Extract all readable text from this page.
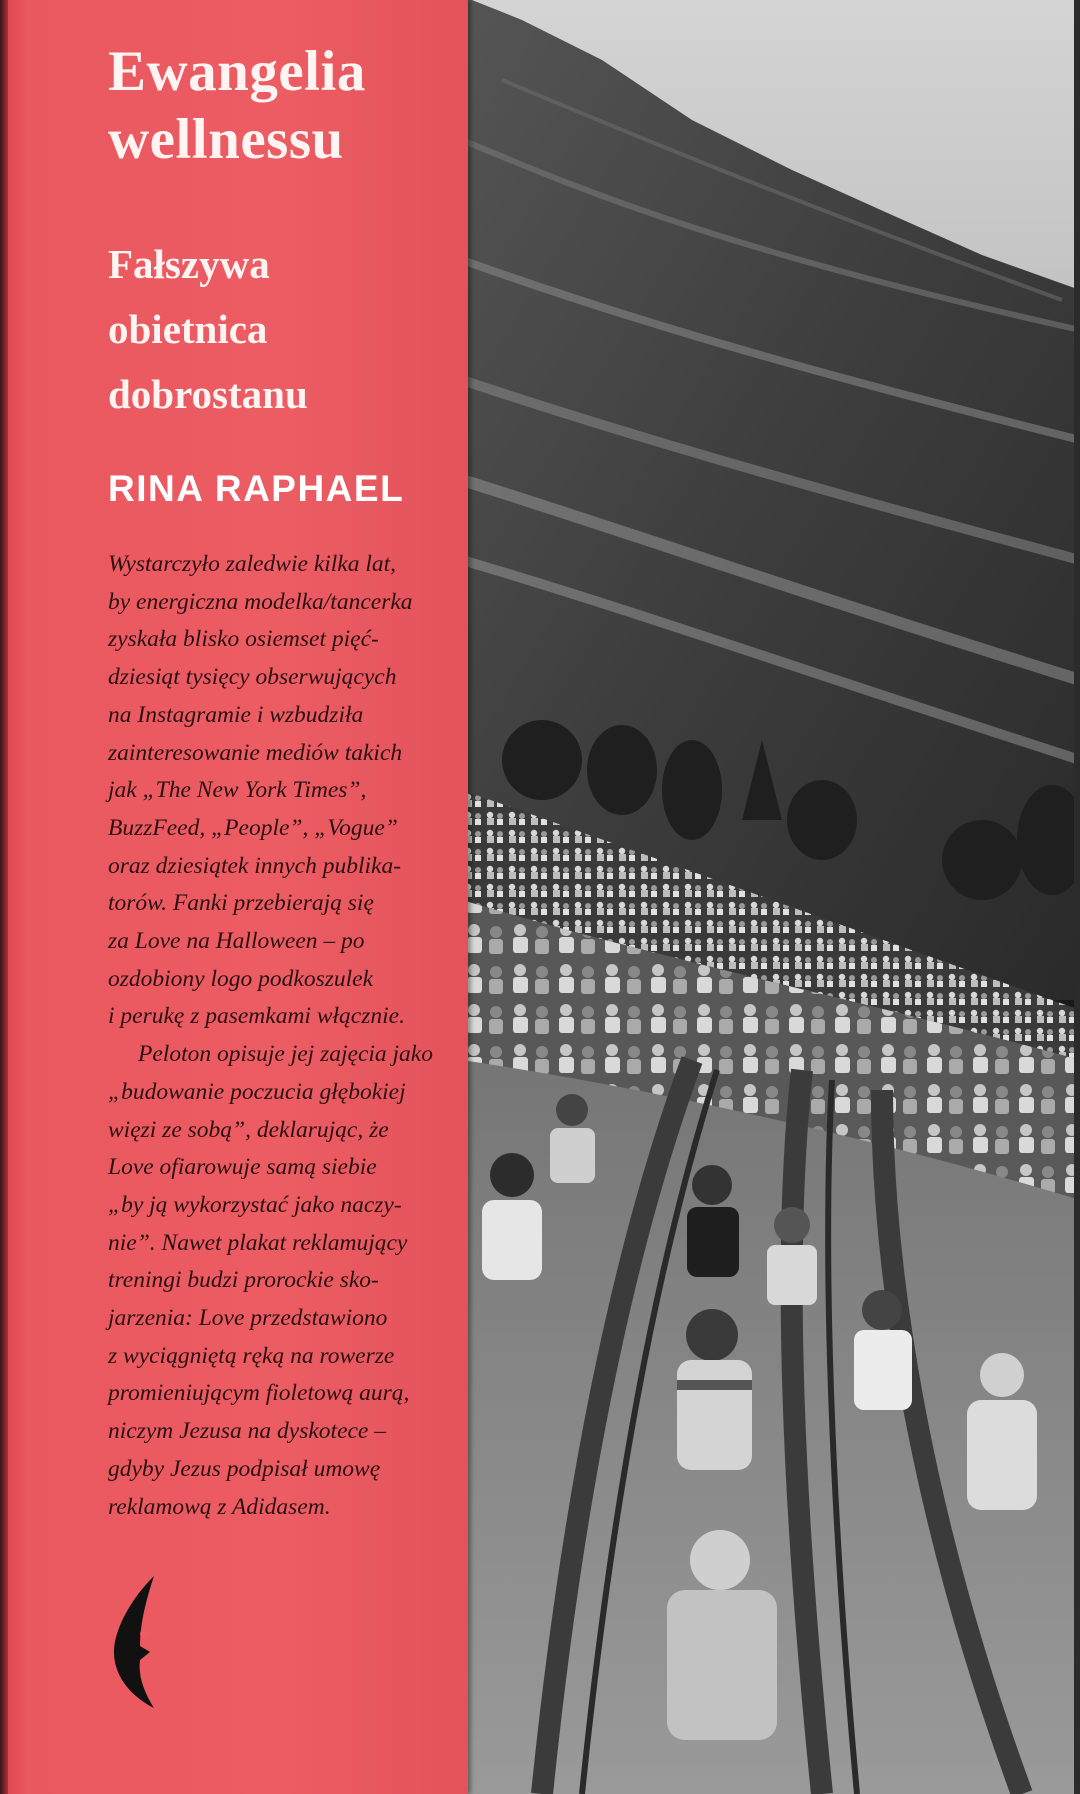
Ewangelia
wellnessu
Fałszywa
obietnica
dobrostanu
RINA RAPHAEL
Wystarczyło zaledwie kilka lat,
by energiczna modelka/tancerka
zyskała blisko osiemset pięć-
dziesiąt tysięcy obserwujących
na Instagramie i wzbudziła
zainteresowanie mediów takich
jak „The New York Times”,
BuzzFeed, „People”, „Vogue”
oraz dziesiątek innych publika-
torów. Fanki przebierają się
za Love na Halloween – po
ozdobiony logo podkoszulek
i perukę z pasemkami włącznie.
Peloton opisuje jej zajęcia jako
„budowanie poczucia głębokiej
więzi ze sobą”, deklarując, że
Love ofiarowuje samą siebie
„by ją wykorzystać jako naczy-
nie”. Nawet plakat reklamujący
treningi budzi prorockie sko-
jarzenia: Love przedstawiono
z wyciągniętą ręką na rowerze
promieniującym fioletową aurą,
niczym Jezusa na dyskotece –
gdyby Jezus podpisał umowę
reklamową z Adidasem.
